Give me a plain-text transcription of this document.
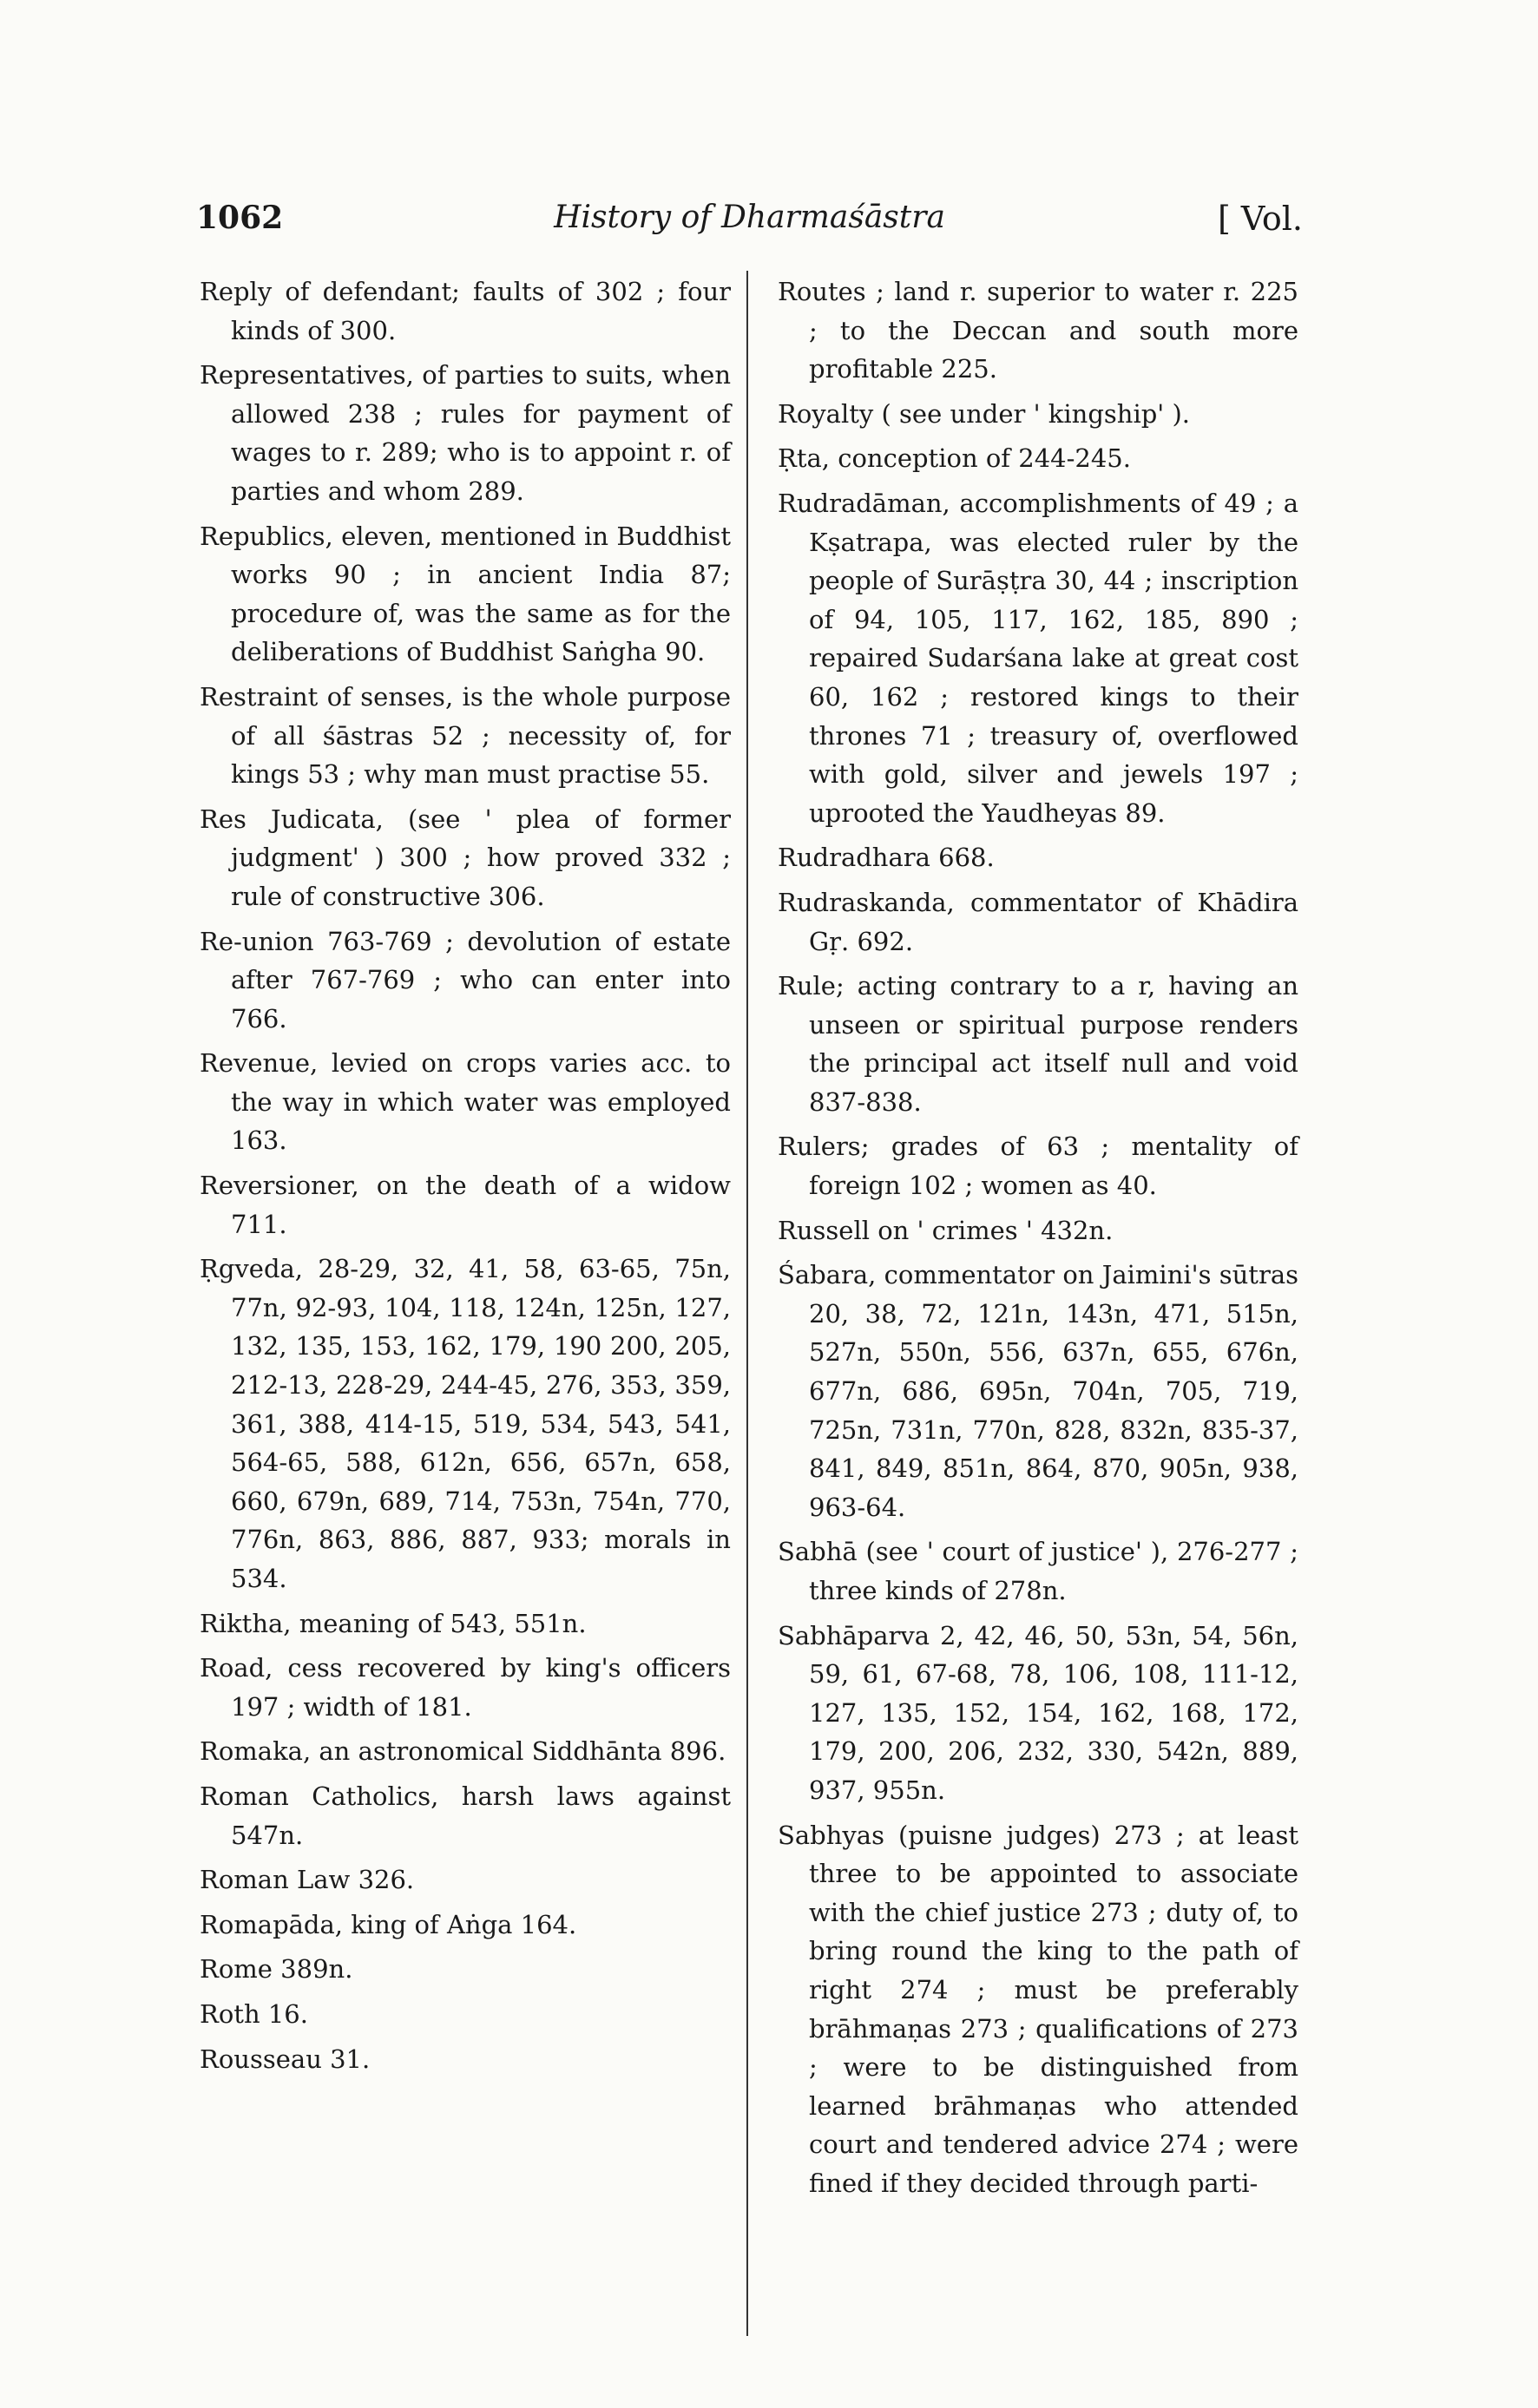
1062	History of Dharmaśāstra	[ Vol.

Reply of defendant; faults of 302 ; four kinds of 300.

Representatives, of parties to suits, when allowed 238 ; rules for payment of wages to r. 289; who is to appoint r. of parties and whom 289.

Republics, eleven, mentioned in Buddhist works 90 ; in ancient India 87; procedure of, was the same as for the deliberations of Buddhist Saṅgha 90.

Restraint of senses, is the whole purpose of all śāstras 52 ; necessity of, for kings 53 ; why man must practise 55.

Res Judicata, (see ' plea of former judgment' ) 300 ; how proved 332 ; rule of constructive 306.

Re-union 763-769 ; devolution of estate after 767-769 ; who can enter into 766.

Revenue, levied on crops varies acc. to the way in which water was employed 163.

Reversioner, on the death of a widow 711.

Ṛgveda, 28-29, 32, 41, 58, 63-65, 75n, 77n, 92-93, 104, 118, 124n, 125n, 127, 132, 135, 153, 162, 179, 190 200, 205, 212-13, 228-29, 244-45, 276, 353, 359, 361, 388, 414-15, 519, 534, 543, 541, 564-65, 588, 612n, 656, 657n, 658, 660, 679n, 689, 714, 753n, 754n, 770, 776n, 863, 886, 887, 933; morals in 534.

Riktha, meaning of 543, 551n.

Road, cess recovered by king's officers 197 ; width of 181.

Romaka, an astronomical Siddhānta 896.

Roman Catholics, harsh laws against 547n.

Roman Law 326.

Romapāda, king of Aṅga 164.

Rome 389n.

Roth 16.

Rousseau 31.

Routes ; land r. superior to water r. 225 ; to the Deccan and south more profitable 225.

Royalty ( see under ' kingship' ).

Ṛta, conception of 244-245.

Rudradāman, accomplishments of 49 ; a Kṣatrapa, was elected ruler by the people of Surāṣṭra 30, 44 ; inscription of 94, 105, 117, 162, 185, 890 ; repaired Sudarśana lake at great cost 60, 162 ; restored kings to their thrones 71 ; treasury of, overflowed with gold, silver and jewels 197 ; uprooted the Yaudheyas 89.

Rudradhara 668.

Rudraskanda, commentator of Khādira Gṛ. 692.

Rule; acting contrary to a r, having an unseen or spiritual purpose renders the principal act itself null and void 837-838.

Rulers; grades of 63 ; mentality of foreign 102 ; women as 40.

Russell on ' crimes ' 432n.

Śabara, commentator on Jaimini's sūtras 20, 38, 72, 121n, 143n, 471, 515n, 527n, 550n, 556, 637n, 655, 676n, 677n, 686, 695n, 704n, 705, 719, 725n, 731n, 770n, 828, 832n, 835-37, 841, 849, 851n, 864, 870, 905n, 938, 963-64.

Sabhā (see ' court of justice' ), 276-277 ; three kinds of 278n.

Sabhāparva 2, 42, 46, 50, 53n, 54, 56n, 59, 61, 67-68, 78, 106, 108, 111-12, 127, 135, 152, 154, 162, 168, 172, 179, 200, 206, 232, 330, 542n, 889, 937, 955n.

Sabhyas (puisne judges) 273 ; at least three to be appointed to associate with the chief justice 273 ; duty of, to bring round the king to the path of right 274 ; must be preferably brāhmaṇas 273 ; qualifications of 273 ; were to be distinguished from learned brāhmaṇas who attended court and tendered advice 274 ; were fined if they decided through parti-
